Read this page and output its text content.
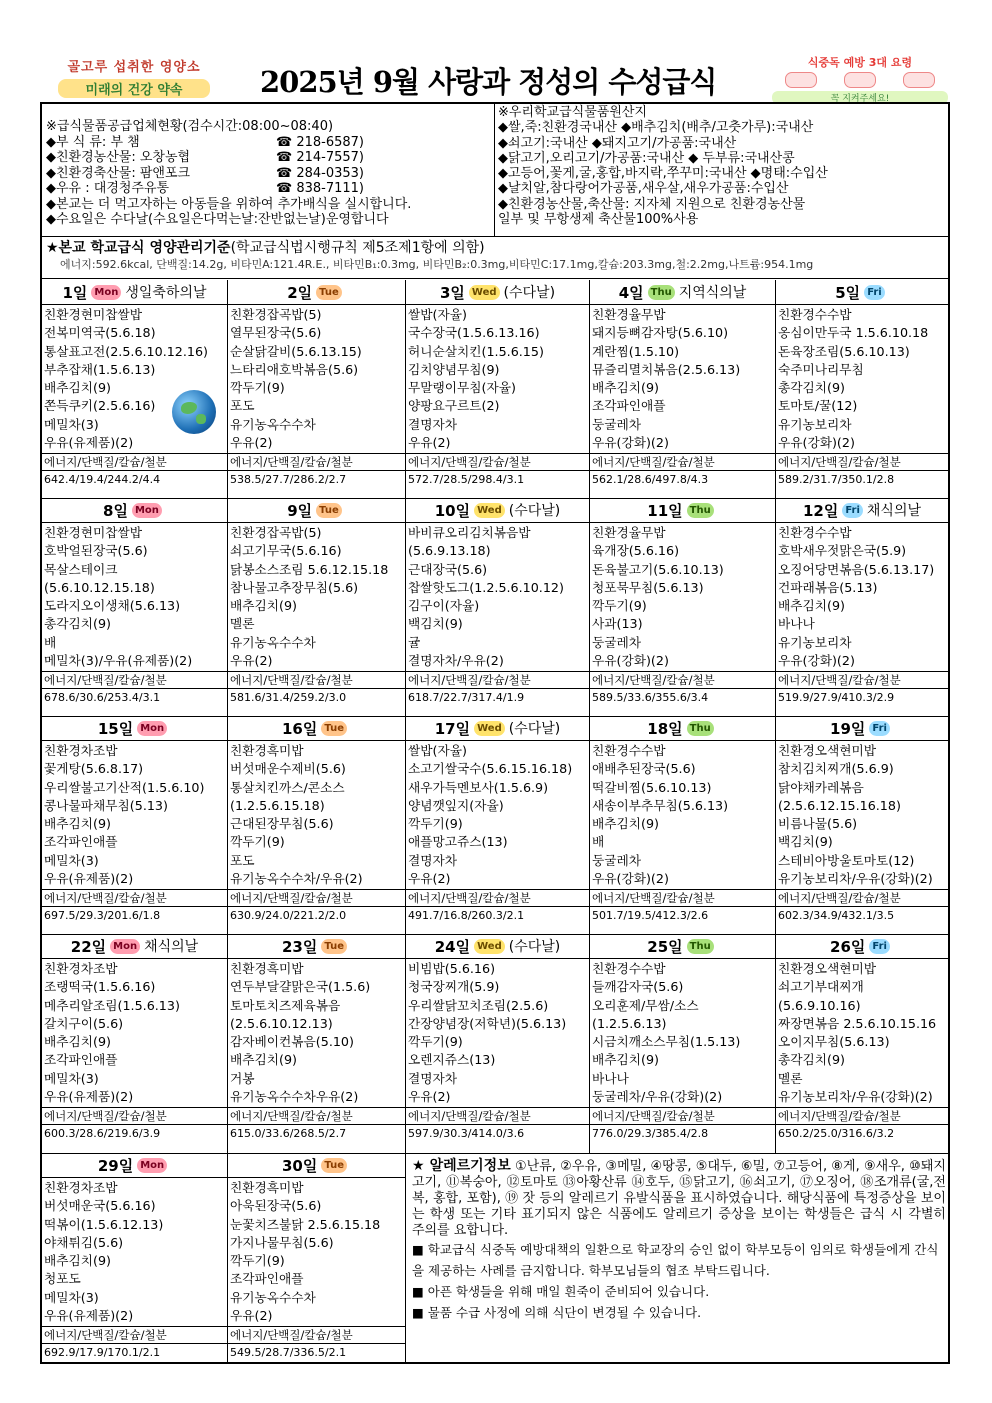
골고루 섭취한 영양소
미래의 건강 약속	2025년 9월 사랑과 정성의 수성급식
식중독 예방 3대 요령
꼭 지켜주세요!
※급식물품공급업체현황(검수시간:08:00~08:40)
◆부 식 류: 부 챔	☎ 218-6587)
◆친환경농산물: 오창농협	☎ 214-7557)
◆친환경축산물: 팜앤포크	☎ 284-0353)
◆우유 : 대경청주유통	☎ 838-7111)
◆본교는 더 먹고자하는 아동들을 위하여 추가배식을 실시합니다.
◆수요일은 수다날(수요일은다먹는날:잔반없는날)운영합니다
※우리학교급식물품원산지
◆쌀,죽:친환경국내산 ◆배추김치(배추/고춧가루):국내산
◆쇠고기:국내산 ◆돼지고기/가공품:국내산
◆닭고기,오리고기/가공품:국내산 ◆ 두부류:국내산콩
◆고등어,꽃게,굴,홍합,바지락,쭈꾸미:국내산 ◆명태:수입산
◆날치알,참다랑어가공품,새우살,새우가공품:수입산
◆친환경농산물,축산물: 지자체 지원으로 친환경농산물
일부 및 무항생제 축산물100%사용
★본교 학교급식 영양관리기준(학교급식법시행규칙 제5조제1항에 의함)
에너지:592.6kcal, 단백질:14.2g, 비타민A:121.4R.E., 비타민B₁:0.3mg, 비타민B₂:0.3mg,비타민C:17.1mg,칼슘:203.3mg,철:2.2mg,나트륨:954.1mg
1일 Mon 생일축하의날
친환경현미찹쌀밥
전복미역국(5.6.18)
통살표고전(2.5.6.10.12.16)
부추잡채(1.5.6.13)
배추김치(9)
쫀득쿠키(2.5.6.16)
메밀차(3)
우유(유제품)(2)
에너지/단백질/칼슘/철분
642.4/19.4/244.2/4.4
2일 Tue
친환경잡곡밥(5)
열무된장국(5.6)
순살닭갈비(5.6.13.15)
느타리애호박볶음(5.6)
깍두기(9)
포도
유기농옥수수차
우유(2)
에너지/단백질/칼슘/철분
538.5/27.7/286.2/2.7
3일 Wed (수다날)
쌀밥(자율)
국수장국(1.5.6.13.16)
허니순살치킨(1.5.6.15)
김치양념무침(9)
무말랭이무침(자율)
양팡요구르트(2)
결명자차
우유(2)
에너지/단백질/칼슘/철분
572.7/28.5/298.4/3.1
4일 Thu 지역식의날
친환경율무밥
돼지등뼈감자탕(5.6.10)
계란찜(1.5.10)
뮤즐리멸치볶음(2.5.6.13)
배추김치(9)
조각파인애플
둥굴레차
우유(강화)(2)
에너지/단백질/칼슘/철분
562.1/28.6/497.8/4.3
5일 Fri
친환경수수밥
옹심이만두국 1.5.6.10.18
돈육장조림(5.6.10.13)
숙주미나리무침
총각김치(9)
토마토/꿀(12)
유기농보리차
우유(강화)(2)
에너지/단백질/칼슘/철분
589.2/31.7/350.1/2.8
8일 Mon
친환경현미찹쌀밥
호박얼된장국(5.6)
목살스테이크
(5.6.10.12.15.18)
도라지오이생채(5.6.13)
총각김치(9)
배
메밀차(3)/우유(유제품)(2)
에너지/단백질/칼슘/철분
678.6/30.6/253.4/3.1
9일 Tue
친환경잡곡밥(5)
쇠고기무국(5.6.16)
닭봉소스조림 5.6.12.15.18
참나물고추장무침(5.6)
배추김치(9)
멜론
유기농옥수수차
우유(2)
에너지/단백질/칼슘/철분
581.6/31.4/259.2/3.0
10일 Wed (수다날)
바비큐오리김치볶음밥
(5.6.9.13.18)
근대장국(5.6)
찹쌀핫도그(1.2.5.6.10.12)
김구이(자율)
백김치(9)
귤
결명자차/우유(2)
에너지/단백질/칼슘/철분
618.7/22.7/317.4/1.9
11일 Thu
친환경율무밥
육개장(5.6.16)
돈육불고기(5.6.10.13)
청포묵무침(5.6.13)
깍두기(9)
사과(13)
둥굴레차
우유(강화)(2)
에너지/단백질/칼슘/철분
589.5/33.6/355.6/3.4
12일 Fri 채식의날
친환경수수밥
호박새우젓맑은국(5.9)
오징어당면볶음(5.6.13.17)
건파래볶음(5.13)
배추김치(9)
바나나
유기농보리차
우유(강화)(2)
에너지/단백질/칼슘/철분
519.9/27.9/410.3/2.9
15일 Mon
친환경차조밥
꽃게탕(5.6.8.17)
우리쌀불고기산적(1.5.6.10)
콩나물파채무침(5.13)
배추김치(9)
조각파인애플
메밀차(3)
우유(유제품)(2)
에너지/단백질/칼슘/철분
697.5/29.3/201.6/1.8
16일 Tue
친환경흑미밥
버섯매운수제비(5.6)
통살치킨까스/콘소스
(1.2.5.6.15.18)
근대된장무침(5.6)
깍두기(9)
포도
유기농옥수수차/우유(2)
에너지/단백질/칼슘/철분
630.9/24.0/221.2/2.0
17일 Wed (수다날)
쌀밥(자율)
소고기쌀국수(5.6.15.16.18)
새우가득멘보사(1.5.6.9)
양념깻잎지(자율)
깍두기(9)
애플망고쥬스(13)
결명자차
우유(2)
에너지/단백질/칼슘/철분
491.7/16.8/260.3/2.1
18일 Thu
친환경수수밥
애배추된장국(5.6)
떡갈비찜(5.6.10.13)
새송이부추무침(5.6.13)
배추김치(9)
배
둥굴레차
우유(강화)(2)
에너지/단백질/칼슘/철분
501.7/19.5/412.3/2.6
19일 Fri
친환경오색현미밥
참치김치찌개(5.6.9)
닭야채카레볶음
(2.5.6.12.15.16.18)
비름나물(5.6)
백김치(9)
스테비아방울토마토(12)
유기농보리차/우유(강화)(2)
에너지/단백질/칼슘/철분
602.3/34.9/432.1/3.5
22일 Mon 채식의날
친환경차조밥
조랭떡국(1.5.6.16)
메추리알조림(1.5.6.13)
갈치구이(5.6)
배추김치(9)
조각파인애플
메밀차(3)
우유(유제품)(2)
에너지/단백질/칼슘/철분
600.3/28.6/219.6/3.9
23일 Tue
친환경흑미밥
연두부달걀맑은국(1.5.6)
토마토치즈제육볶음
(2.5.6.10.12.13)
감자베이컨볶음(5.10)
배추김치(9)
거봉
유기농옥수수차우유(2)
에너지/단백질/칼슘/철분
615.0/33.6/268.5/2.7
24일 Wed (수다날)
비빔밥(5.6.16)
청국장찌개(5.9)
우리쌀닭꼬치조림(2.5.6)
간장양념장(저학년)(5.6.13)
깍두기(9)
오렌지쥬스(13)
결명자차
우유(2)
에너지/단백질/칼슘/철분
597.9/30.3/414.0/3.6
25일 Thu
친환경수수밥
들깨감자국(5.6)
오리훈제/무쌈/소스
(1.2.5.6.13)
시금치깨소스무침(1.5.13)
배추김치(9)
바나나
둥굴레차/우유(강화)(2)
에너지/단백질/칼슘/철분
776.0/29.3/385.4/2.8
26일 Fri
친환경오색현미밥
쇠고기부대찌개
(5.6.9.10.16)
짜장면볶음 2.5.6.10.15.16
오이지무침(5.6.13)
총각김치(9)
멜론
유기농보리차/우유(강화)(2)
에너지/단백질/칼슘/철분
650.2/25.0/316.6/3.2
29일 Mon
친환경차조밥
버섯매운국(5.6.16)
떡볶이(1.5.6.12.13)
야채튀김(5.6)
배추김치(9)
청포도
메밀차(3)
우유(유제품)(2)
에너지/단백질/칼슘/철분
692.9/17.9/170.1/2.1
30일 Tue
친환경흑미밥
아욱된장국(5.6)
눈꽃치즈불닭 2.5.6.15.18
가지나물무침(5.6)
깍두기(9)
조각파인애플
유기농옥수수차
우유(2)
에너지/단백질/칼슘/철분
549.5/28.7/336.5/2.1
★ 알레르기정보 ①난류, ②우유, ③메밀, ④땅콩, ⑤대두, ⑥밀, ⑦고등어, ⑧게, ⑨새우, ⑩돼지고기, ⑪복숭아, ⑫토마토 ⑬아황산류 ⑭호두, ⑮닭고기, ⑯쇠고기, ⑰오징어, ⑱조개류(굴,전복, 홍합, 포함), ⑲ 잣 등의 알레르기 유발식품을 표시하였습니다. 해당식품에 특정증상을 보이는 학생 또는 기타 표기되지 않은 식품에도 알레르기 증상을 보이는 학생들은 급식 시 각별히 주의를 요합니다.
■ 학교급식 식중독 예방대책의 일환으로 학교장의 승인 없이 학부모등이 임의로 학생들에게 간식을 제공하는 사례를 금지합니다. 학부모님들의 협조 부탁드립니다.
■ 아픈 학생들을 위해 매일 흰죽이 준비되어 있습니다.
■ 물품 수급 사정에 의해 식단이 변경될 수 있습니다.
